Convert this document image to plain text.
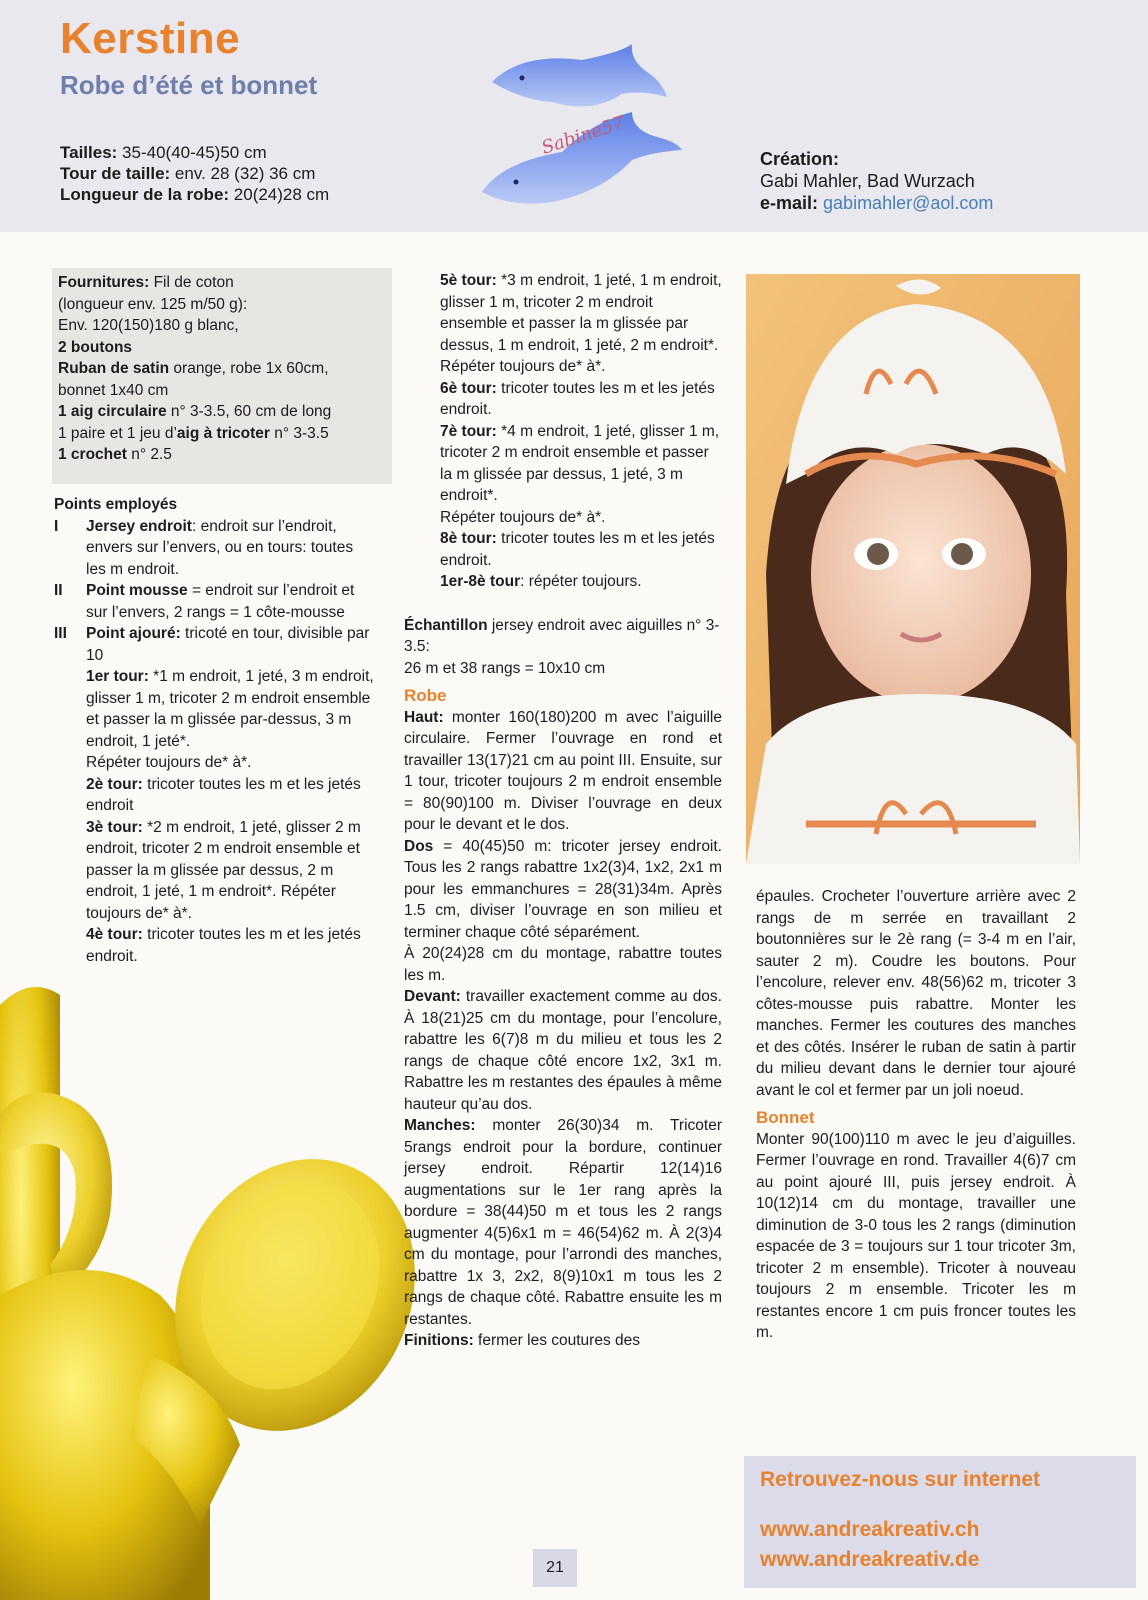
Kerstine
Robe d’été et bonnet
Tailles: 35-40(40-45)50 cm
Tour de taille: env. 28 (32) 36 cm
Longueur de la robe: 20(24)28 cm
Sabine57
Création:
Gabi Mahler, Bad Wurzach
e-mail: gabimahler@aol.com

Fournitures: Fil de coton

(longueur env. 125 m/50 g):

Env. 120(150)180 g blanc,

2 boutons

Ruban de satin orange, robe 1x 60cm,

bonnet 1x40 cm

1 aig circulaire n° 3-3.5, 60 cm de long

1 paire et 1 jeu d’aig à tricoter n° 3-3.5

1 crochet n° 2.5

Points employés

I	Jersey endroit: endroit sur l’endroit, envers sur l’envers, ou en tours: toutes les m endroit.
II	Point mousse = endroit sur l’endroit et sur l’envers, 2 rangs = 1 côte-mousse
III	Point ajouré: tricoté en tour, divisible par 10

1er tour: *1 m endroit, 1 jeté, 3 m endroit, glisser 1 m, tricoter 2 m endroit ensemble et passer la m glissée par-dessus, 3 m endroit, 1 jeté*.

Répéter toujours de* à*.

2è tour: tricoter toutes les m et les jetés endroit

3è tour: *2 m endroit, 1 jeté, glisser 2 m endroit, tricoter 2 m endroit ensemble et passer la m glissée par dessus, 2 m endroit, 1 jeté, 1 m endroit*. Répéter toujours de* à*.

4è tour: tricoter toutes les m et les jetés endroit.

5è tour: *3 m endroit, 1 jeté, 1 m endroit, glisser 1 m, tricoter 2 m endroit ensemble et passer la m glissée par dessus, 1 m endroit, 1 jeté, 2 m endroit*.

Répéter toujours de* à*.

6è tour: tricoter toutes les m et les jetés endroit.

7è tour: *4 m endroit, 1 jeté, glisser 1 m, tricoter 2 m endroit ensemble et passer la m glissée par dessus, 1 jeté, 3 m endroit*.

Répéter toujours de* à*.

8è tour: tricoter toutes les m et les jetés endroit.

1er-8è tour: répéter toujours.

Échantillon jersey endroit avec aiguilles n° 3-3.5:

26 m et 38 rangs = 10x10 cm

Robe

Haut: monter 160(180)200 m avec l’aiguille circulaire. Fermer l’ouvrage en rond et travailler 13(17)21 cm au point III. Ensuite, sur 1 tour, tricoter toujours 2 m endroit ensemble = 80(90)100 m. Diviser l’ouvrage en deux pour le devant et le dos.

Dos = 40(45)50 m: tricoter jersey endroit. Tous les 2 rangs rabattre 1x2(3)4, 1x2, 2x1 m pour les emmanchures = 28(31)34m. Après 1.5 cm, diviser l’ouvrage en son milieu et terminer chaque côté séparément.

À 20(24)28 cm du montage, rabattre toutes les m.

Devant: travailler exactement comme au dos. À 18(21)25 cm du montage, pour l’encolure, rabattre les 6(7)8 m du milieu et tous les 2 rangs de chaque côté encore 1x2, 3x1 m. Rabattre les m restantes des épaules à même hauteur qu’au dos.

Manches: monter 26(30)34 m. Tricoter 5rangs endroit pour la bordure, continuer jersey endroit. Répartir 12(14)16 augmentations sur le 1er rang après la bordure = 38(44)50 m et tous les 2 rangs augmenter 4(5)6x1 m = 46(54)62 m. À 2(3)4 cm du montage, pour l’arrondi des manches, rabattre 1x 3, 2x2, 8(9)10x1 m tous les 2 rangs de chaque côté. Rabattre ensuite les m restantes.

Finitions: fermer les coutures des

épaules. Crocheter l’ouverture arrière avec 2 rangs de m serrée en travaillant 2 boutonnières sur le 2è rang (= 3-4 m en l’air, sauter 2 m). Coudre les boutons. Pour l’encolure, relever env. 48(56)62 m, tricoter 3 côtes-mousse puis rabattre. Monter les manches. Fermer les coutures des manches et des côtés. Insérer le ruban de satin à partir du milieu devant dans le dernier tour ajouré avant le col et fermer par un joli noeud.

Bonnet

Monter 90(100)110 m avec le jeu d’aiguilles. Fermer l’ouvrage en rond. Travailler 4(6)7 cm au point ajouré III, puis jersey endroit. À 10(12)14 cm du montage, travailler une diminution de 3-0 tous les 2 rangs (diminution espacée de 3 = toujours sur 1 tour tricoter 3m, tricoter 2 m ensemble). Tricoter à nouveau toujours 2 m ensemble. Tricoter les m restantes encore 1 cm puis froncer toutes les m.

Retrouvez-nous sur internet
www.andreakreativ.ch
www.andreakreativ.de
21
